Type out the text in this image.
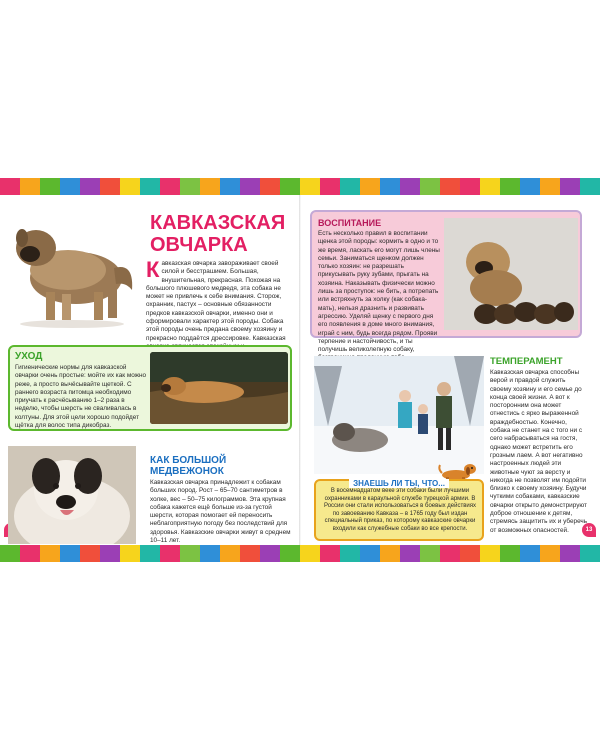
13
КАВКАЗСКАЯ
ОВЧАРКА
К авказская овчарка завораживает своей силой и бесстрашием. Большая, внушительная, прекрасная. Похожая на большого плюшевого медведя, эта собака не может не привлечь к себе внимания. Сторож, охранник, пастух – основные обязанности предков кавказской овчарки, именно они и сформировали характер этой породы. Собака этой породы очень предана своему хозяину и прекрасно поддаётся дрессировке. Кавказская

УХОД

Гигиенические нормы для кавказской овчарки очень простые: мойте их как можно реже, а просто вычёсывайте щеткой. С раннего возраста питомца необходимо приучать к расчёсыванию 1–2 раза в неделю, чтобы шерсть не сваливалась в колтуны. Для этой цели хорошо подойдет щётка для волос типа дикобраз.

КАК БОЛЬШОЙ
МЕДВЕЖОНОК

Кавказская овчарка принадлежит к собакам больших пород. Рост – 65–70 сантиметров в холке, вес – 50–75 килограммов. Эта крупная собака кажется ещё больше из-за густой шерсти, которая помогает ей переносить неблагоприятную погоду без последствий для здоровья. Кавказские овчарки живут в среднем 10–11 лет.

ВОСПИТАНИЕ

Есть несколько правил в воспитании щенка этой породы: кормить в одно и то же время, ласкать его могут лишь члены семьи. Заниматься щенком должен только хозяин: не разрешать прикусывать руку зубами, прыгать на хозяина. Наказывать физически можно лишь за проступок: не бить, а потрепать или встряхнуть за холку (как собака-мать), нельзя дразнить и развивать агрессию. Уделяй щенку с первого дня его появления в доме много внимания, играй с ним, будь всегда рядом. Прояви терпение и настойчивость, и ты получишь великолепную собаку,

ТЕМПЕРАМЕНТ

Кавказская овчарка способны верой и правдой служить своему хозяину и его семье до конца своей жизни. А вот к посторонним она может отнестись с ярко выраженной враждебностью. Конечно, собака не станет на с того ни с сего набрасываться на гостя, однако может встретить его грозным лаем. А вот негативно настроенных людей эти животные чуют за версту и никогда не позволят им подойти близко к своему хозяину. Будучи чуткими собаками, кавказские овчарки открыто демонстрируют доброе отношение к детям, стремясь защитить их и уберечь от возможных опасностей.

ЗНАЕШЬ ЛИ ТЫ, ЧТО...

В восемнадцатом веке эти собаки были лучшими охранниками в караульной службе турецкой армии. В России они стали использоваться в боевых действиях по завоеванию Кавказа – в 1765 году был издан специальный приказ, по которому кавказские овчарки входили как служебные собаки во все крепости.
